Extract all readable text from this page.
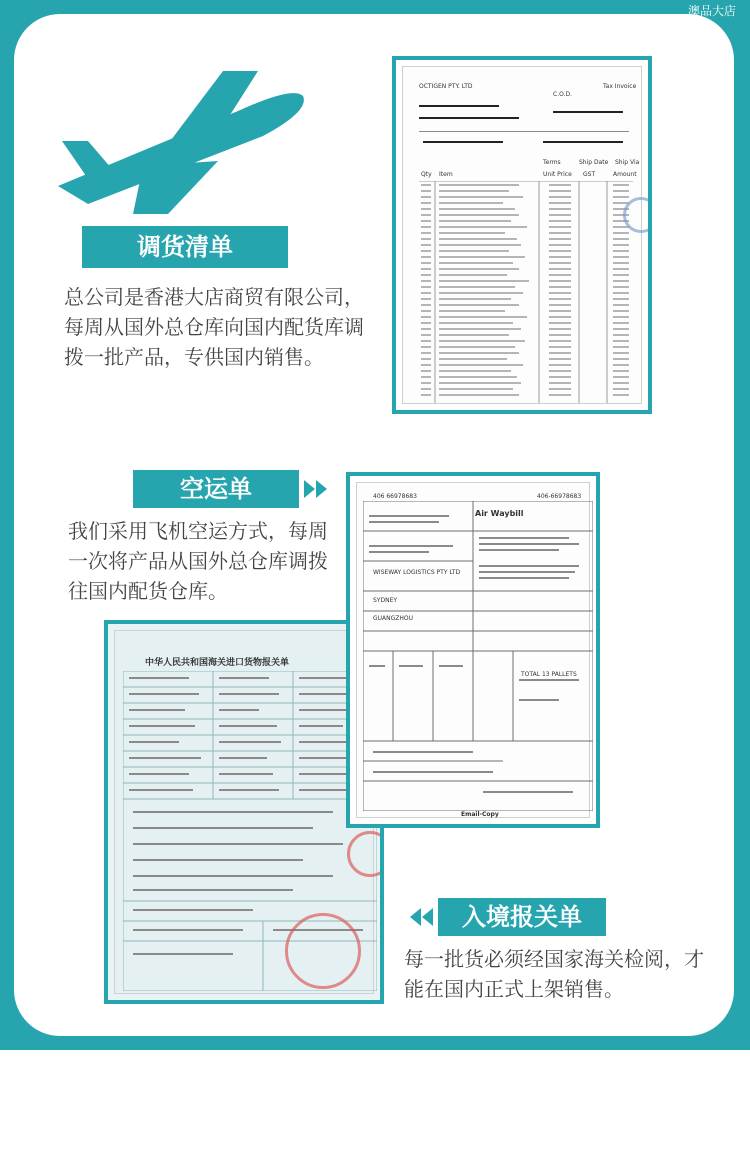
澳品大店
调货清单
总公司是香港大店商贸有限公司，每周从国外总仓库向国内配货库调拨一批产品，专供国内销售。
OCTIGEN PTY. LTD	Tax Invoice
C.O.D.
Terms	Ship Date Ship Via
Qty Item	Unit Price GST	Amount
空运单
我们采用飞机空运方式，每周一次将产品从国外总仓库调拨往国内配货仓库。
中华人民共和国海关进口货物报关单
406 66978683	406-66978683
Air Waybill
SYDNEY
WISEWAY LOGISTICS PTY LTD
GUANGZHOU
TOTAL 13 PALLETS
Email-Copy
入境报关单
每一批货必须经国家海关检阅，才能在国内正式上架销售。
